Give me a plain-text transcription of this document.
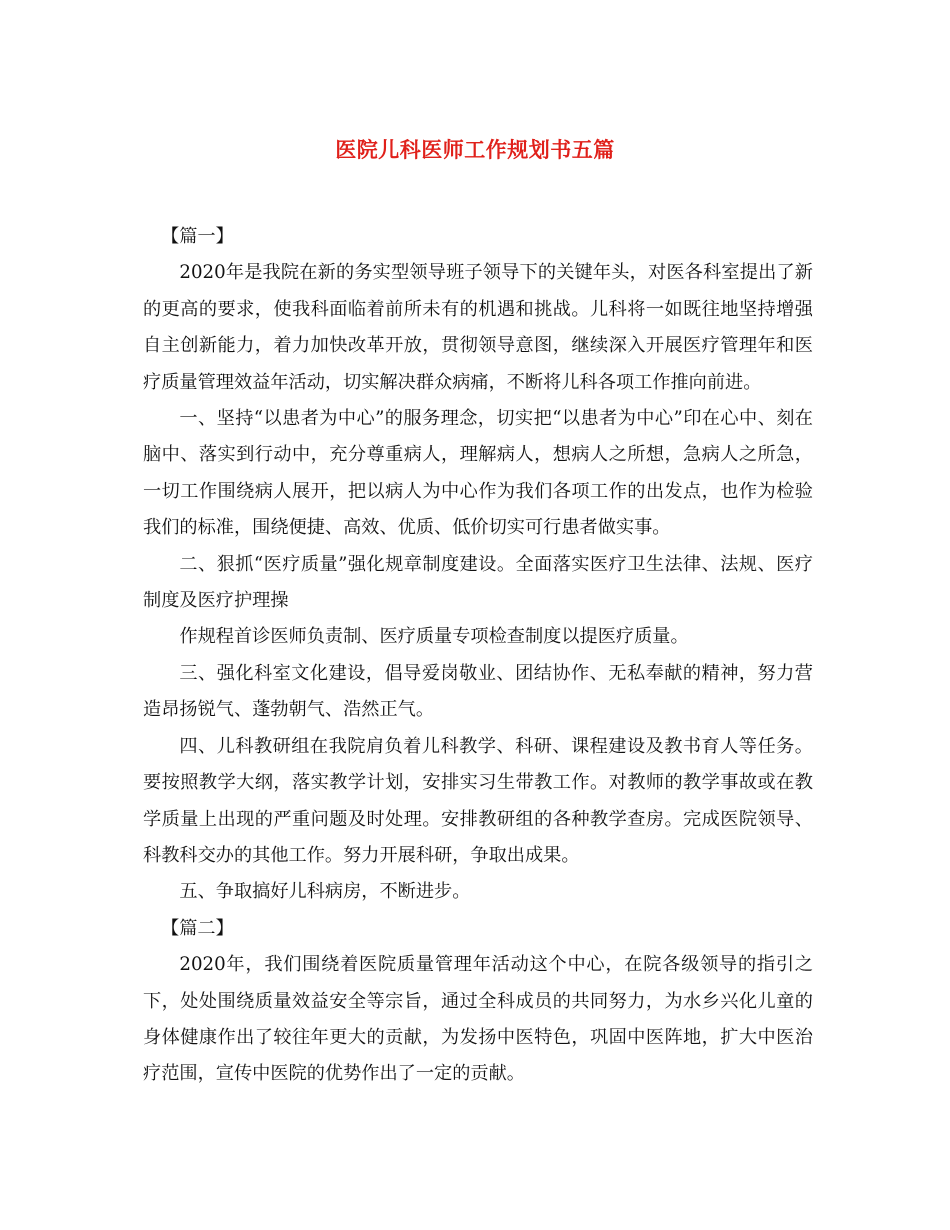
医院儿科医师工作规划书五篇

【篇一】

2020年是我院在新的务实型领导班子领导下的关键年头，对医各科室提出了新的更高的要求，使我科面临着前所未有的机遇和挑战。儿科将一如既往地坚持增强自主创新能力，着力加快改革开放，贯彻领导意图，继续深入开展医疗管理年和医疗质量管理效益年活动，切实解决群众病痛，不断将儿科各项工作推向前进。

一、坚持“以患者为中心”的服务理念，切实把“以患者为中心”印在心中、刻在脑中、落实到行动中，充分尊重病人，理解病人，想病人之所想，急病人之所急，一切工作围绕病人展开，把以病人为中心作为我们各项工作的出发点，也作为检验我们的标准，围绕便捷、高效、优质、低价切实可行患者做实事。

二、狠抓“医疗质量”强化规章制度建设。全面落实医疗卫生法律、法规、医疗制度及医疗护理操

作规程首诊医师负责制、医疗质量专项检查制度以提医疗质量。

三、强化科室文化建设，倡导爱岗敬业、团结协作、无私奉献的精神，努力营造昂扬锐气、蓬勃朝气、浩然正气。

四、儿科教研组在我院肩负着儿科教学、科研、课程建设及教书育人等任务。要按照教学大纲，落实教学计划，安排实习生带教工作。对教师的教学事故或在教学质量上出现的严重问题及时处理。安排教研组的各种教学查房。完成医院领导、科教科交办的其他工作。努力开展科研，争取出成果。

五、争取搞好儿科病房，不断进步。

【篇二】

2020年，我们围绕着医院质量管理年活动这个中心，在院各级领导的指引之下，处处围绕质量效益安全等宗旨，通过全科成员的共同努力，为水乡兴化儿童的身体健康作出了较往年更大的贡献，为发扬中医特色，巩固中医阵地，扩大中医治疗范围，宣传中医院的优势作出了一定的贡献。
